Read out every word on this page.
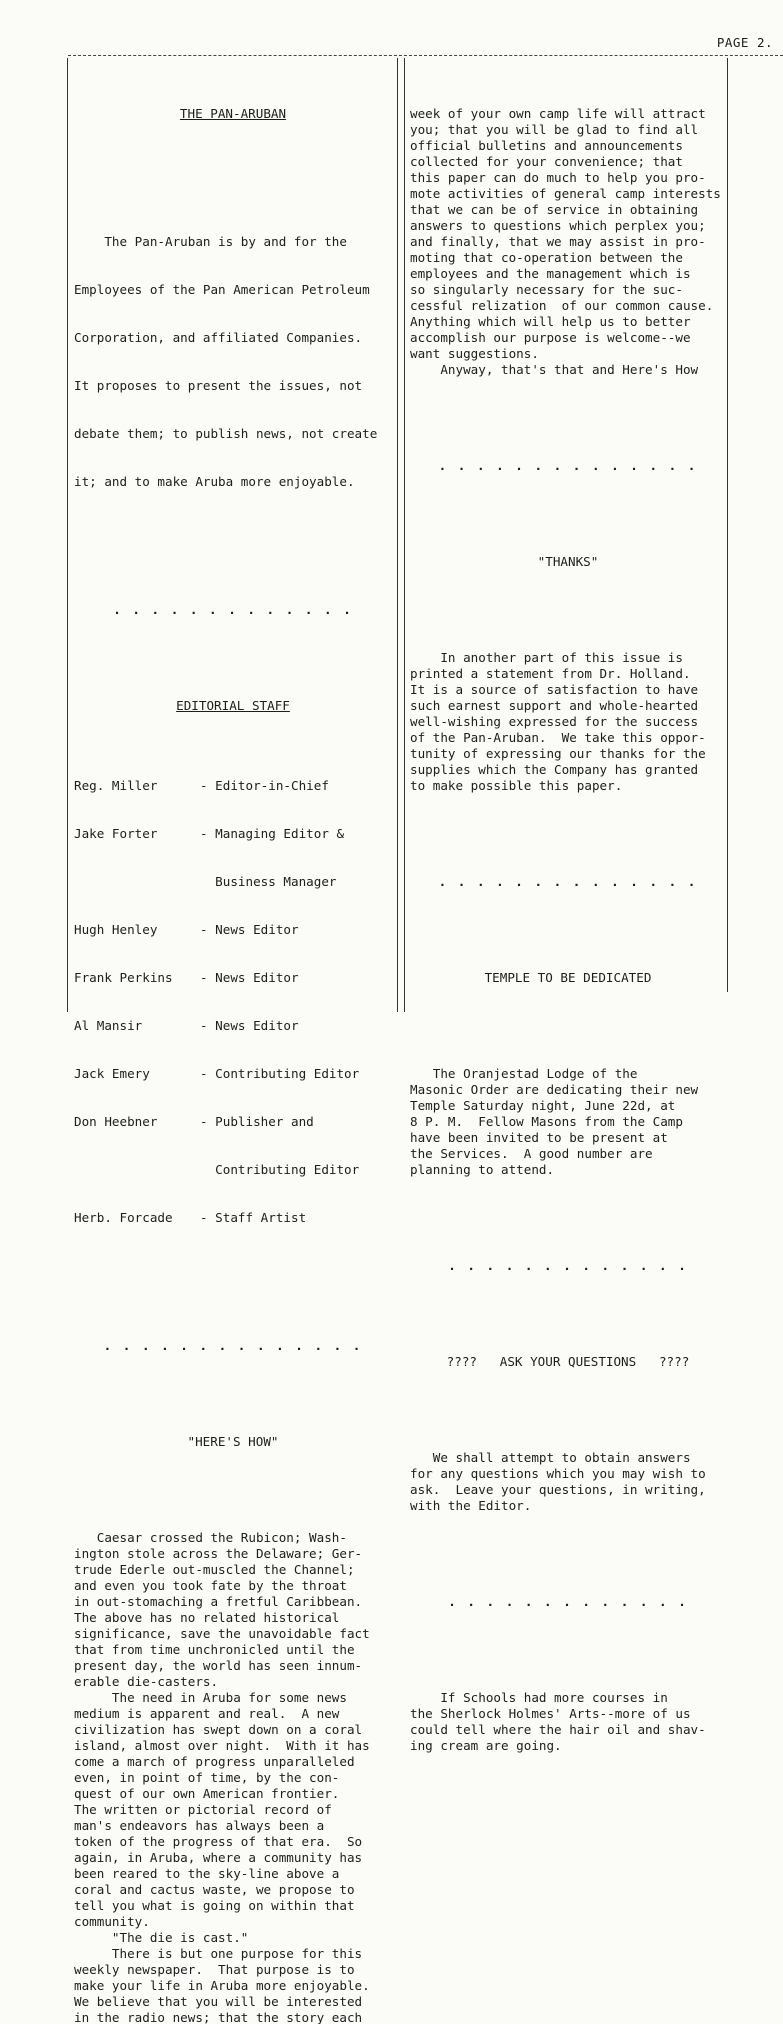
PAGE 2.

THE PAN-ARUBAN

The Pan-Aruban is by and for the

Employees of the Pan American Petroleum

Corporation, and affiliated Companies.

It proposes to present the issues, not

debate them; to publish news, not create

it; and to make Aruba more enjoyable.

. . . . . . . . . . . . .

EDITORIAL STAFF

Reg. Miller	- Editor-in-Chief

Jake Forter	- Managing Editor &

Business Manager

Hugh Henley	- News Editor

Frank Perkins	- News Editor

Al Mansir	- News Editor

Jack Emery	- Contributing Editor

Don Heebner	- Publisher and

Contributing Editor

Herb. Forcade	- Staff Artist

. . . . . . . . . . . . . .

"HERE'S HOW"

Caesar crossed the Rubicon; Wash-
ington stole across the Delaware; Ger-
trude Ederle out-muscled the Channel;
and even you took fate by the throat
in out-stomaching a fretful Caribbean.
The above has no related historical
significance, save the unavoidable fact
that from time unchronicled until the
present day, the world has seen innum-
erable die-casters.
The need in Aruba for some news
medium is apparent and real.  A new
civilization has swept down on a coral
island, almost over night.  With it has
come a march of progress unparalleled
even, in point of time, by the con-
quest of our own American frontier.
The written or pictorial record of
man's endeavors has always been a
token of the progress of that era.  So
again, in Aruba, where a community has
been reared to the sky-line above a
coral and cactus waste, we propose to
tell you what is going on within that
community.
"The die is cast."
There is but one purpose for this
weekly newspaper.  That purpose is to
make your life in Aruba more enjoyable.
We believe that you will be interested
in the radio news; that the story each

week of your own camp life will attract
you; that you will be glad to find all
official bulletins and announcements
collected for your convenience; that
this paper can do much to help you pro-
mote activities of general camp interests
that we can be of service in obtaining
answers to questions which perplex you;
and finally, that we may assist in pro-
moting that co-operation between the
employees and the management which is
so singularly necessary for the suc-
cessful relization  of our common cause.
Anything which will help us to better
accomplish our purpose is welcome--we
want suggestions.
Anyway, that's that and Here's How

. . . . . . . . . . . . . .

"THANKS"

In another part of this issue is
printed a statement from Dr. Holland.
It is a source of satisfaction to have
such earnest support and whole-hearted
well-wishing expressed for the success
of the Pan-Aruban.  We take this oppor-
tunity of expressing our thanks for the
supplies which the Company has granted
to make possible this paper.

. . . . . . . . . . . . . .

TEMPLE TO BE DEDICATED

The Oranjestad Lodge of the
Masonic Order are dedicating their new
Temple Saturday night, June 22d, at
8 P. M.  Fellow Masons from the Camp
have been invited to be present at
the Services.  A good number are
planning to attend.

. . . . . . . . . . . . .

????   ASK YOUR QUESTIONS   ????

We shall attempt to obtain answers
for any questions which you may wish to
ask.  Leave your questions, in writing,
with the Editor.

. . . . . . . . . . . . .

If Schools had more courses in
the Sherlock Holmes' Arts--more of us
could tell where the hair oil and shav-
ing cream are going.
